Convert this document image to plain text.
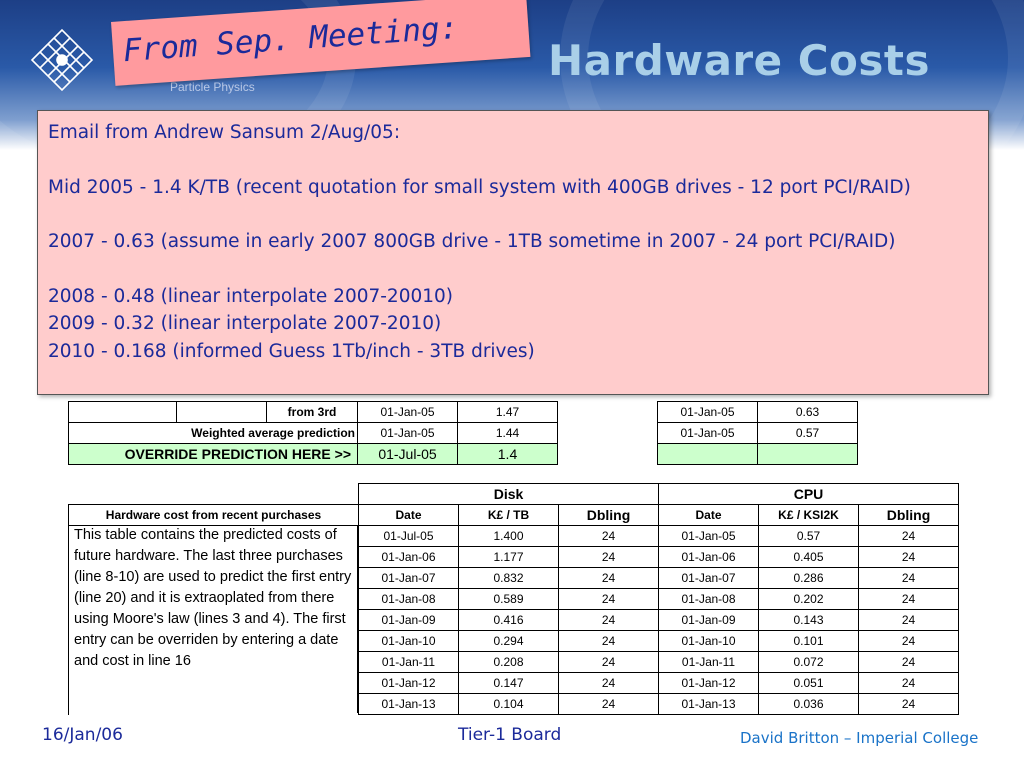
Particle Physics
Hardware Costs
From Sep. Meeting:
		from 3rd	01-Jan-05	1.47		01-Jan-05	0.63
Weighted average prediction			01-Jan-05	1.44		01-Jan-05	0.57
OVERRIDE PREDICTION HERE >>			01-Jul-05	1.4			
	Disk			CPU		
Hardware cost from recent purchases	Date	K£ / TB	Dbling	Date	K£ / KSI2K	Dbling
	01-Jul-05	1.400	24	01-Jan-05	0.57	24
	01-Jan-06	1.177	24	01-Jan-06	0.405	24
	01-Jan-07	0.832	24	01-Jan-07	0.286	24
	01-Jan-08	0.589	24	01-Jan-08	0.202	24
	01-Jan-09	0.416	24	01-Jan-09	0.143	24
	01-Jan-10	0.294	24	01-Jan-10	0.101	24
	01-Jan-11	0.208	24	01-Jan-11	0.072	24
	01-Jan-12	0.147	24	01-Jan-12	0.051	24
	01-Jan-13	0.104	24	01-Jan-13	0.036	24
This table contains the predicted costs of future hardware. The last three purchases (line 8-10) are used to predict the first entry (line 20) and it is extraoplated from there using Moore's law (lines 3 and 4). The first entry can be overriden by entering a date and cost in line 16

Email from Andrew Sansum 2/Aug/05:

Mid 2005 - 1.4 K/TB (recent quotation for small system with 400GB drives - 12 port PCI/RAID)

2007 - 0.63 (assume in early 2007 800GB drive - 1TB sometime in 2007 - 24 port PCI/RAID)

2008 - 0.48 (linear interpolate 2007-20010)

2009 - 0.32 (linear interpolate 2007-2010)

2010 - 0.168 (informed Guess 1Tb/inch - 3TB drives)

16/Jan/06	Tier-1 Board	David Britton – Imperial College
